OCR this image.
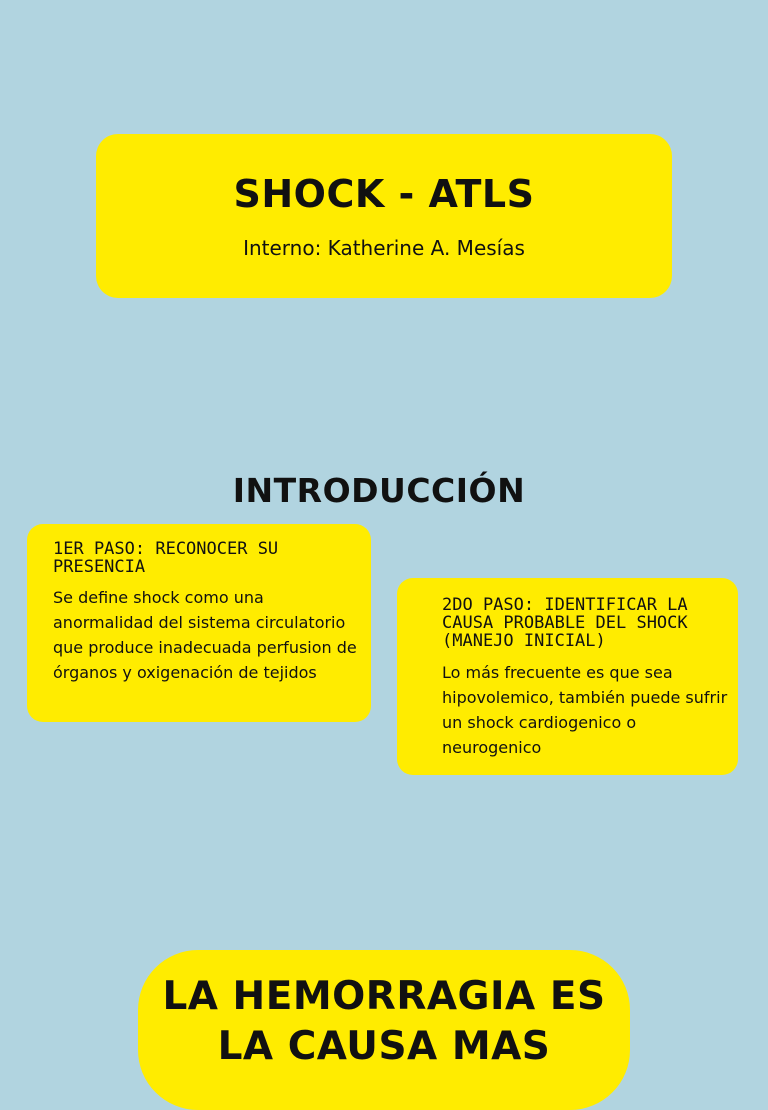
SHOCK - ATLS
Interno: Katherine A. Mesías
INTRODUCCIÓN
1ER PASO: RECONOCER SU PRESENCIA
Se define shock como una anormalidad del sistema circulatorio que produce inadecuada perfusion de órganos y oxigenación de tejidos
2DO PASO: IDENTIFICAR LA CAUSA PROBABLE DEL SHOCK (MANEJO INICIAL)
Lo más frecuente es que sea hipovolemico, también puede sufrir un shock cardiogenico o neurogenico
LA HEMORRAGIA ES LA CAUSA MAS
